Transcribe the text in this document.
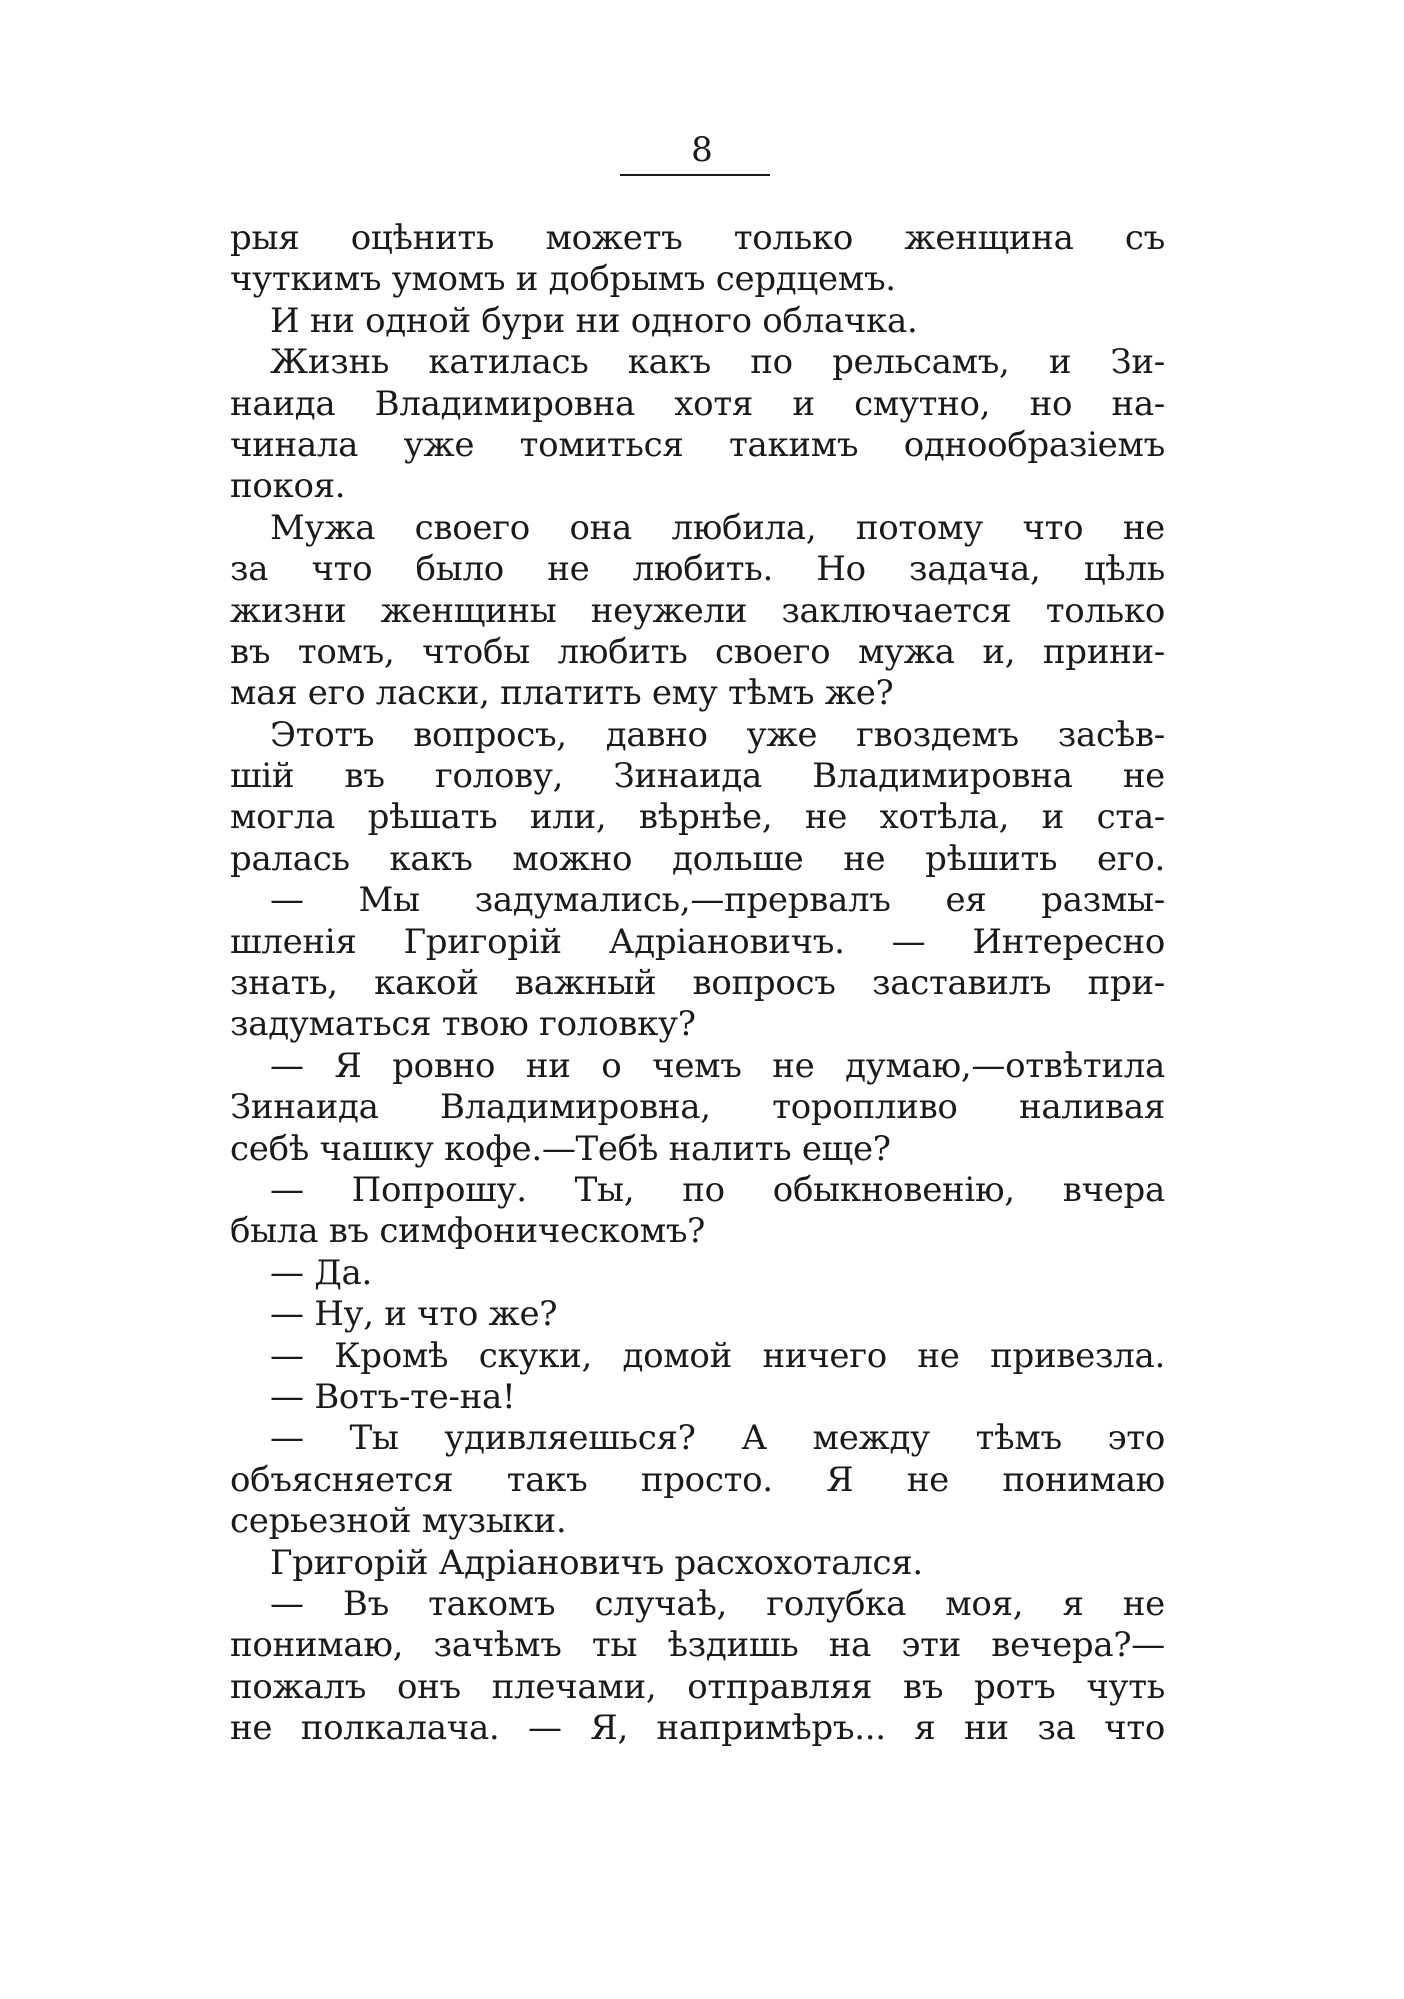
8
рыя оцѣнить можетъ только женщина съ
чуткимъ умомъ и добрымъ сердцемъ.
И ни одной бури ни одного облачка.
Жизнь катилась какъ по рельсамъ, и Зи-
наида Владимировна хотя и смутно, но на-
чинала уже томиться такимъ однообразіемъ
покоя.
Мужа своего она любила, потому что не
за что было не любить. Но задача, цѣль
жизни женщины неужели заключается только
въ томъ, чтобы любить своего мужа и, прини-
мая его ласки, платить ему тѣмъ же?
Этотъ вопросъ, давно уже гвоздемъ засѣв-
шій въ голову, Зинаида Владимировна не
могла рѣшать или, вѣрнѣе, не хотѣла, и ста-
ралась какъ можно дольше не рѣшить его.
— Мы задумались,—прервалъ ея размы-
шленія Григорій Адріановичъ. — Интересно
знать, какой важный вопросъ заставилъ при-
задуматься твою головку?
— Я ровно ни о чемъ не думаю,—отвѣтила
Зинаида Владимировна, торопливо наливая
себѣ чашку кофе.—Тебѣ налить еще?
— Попрошу. Ты, по обыкновенію, вчера
была въ симфоническомъ?
— Да.
— Ну, и что же?
— Кромѣ скуки, домой ничего не привезла.
— Вотъ-те-на!
— Ты удивляешься? А между тѣмъ это
объясняется такъ просто. Я не понимаю
серьезной музыки.
Григорій Адріановичъ расхохотался.
— Въ такомъ случаѣ, голубка моя, я не
понимаю, зачѣмъ ты ѣздишь на эти вечера?—
пожалъ онъ плечами, отправляя въ ротъ чуть
не полкалача. — Я, напримѣръ... я ни за что
